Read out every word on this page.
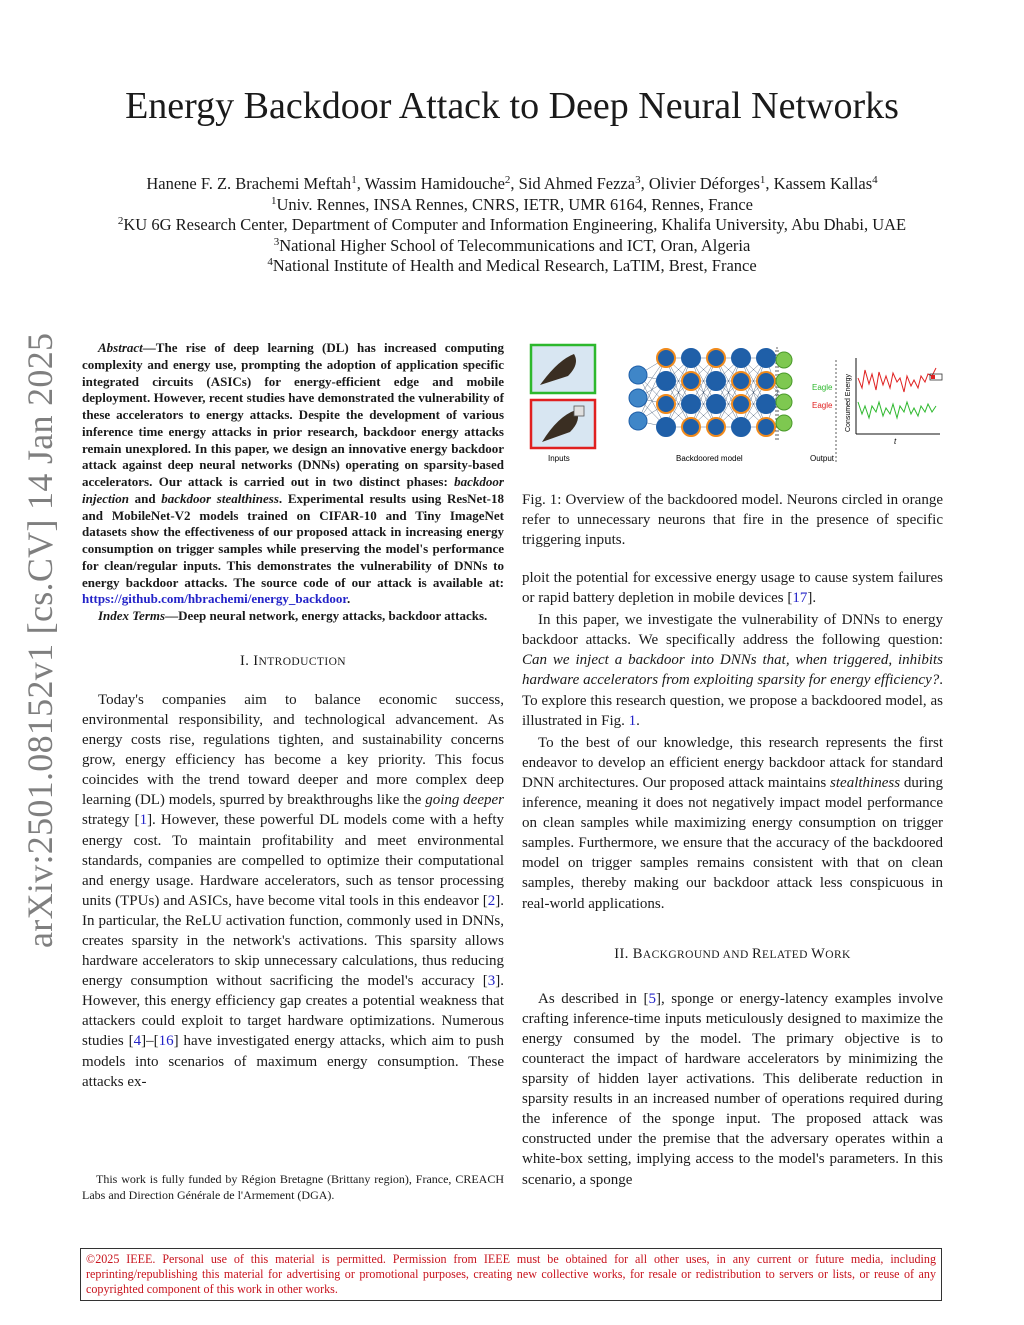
arXiv:2501.08152v1 [cs.CV] 14 Jan 2025
Energy Backdoor Attack to Deep Neural Networks
Hanene F. Z. Brachemi Meftah$^1$, Wassim Hamidouche$^2$, Sid Ahmed Fezza$^3$, Olivier Déforges$^1$, Kassem Kallas$^4$
$^1$Univ. Rennes, INSA Rennes, CNRS, IETR, UMR 6164, Rennes, France
$^2$KU 6G Research Center, Department of Computer and Information Engineering, Khalifa University, Abu Dhabi, UAE
$^3$National Higher School of Telecommunications and ICT, Oran, Algeria
$^4$National Institute of Health and Medical Research, LaTIM, Brest, France

Abstract—The rise of deep learning (DL) has increased computing complexity and energy use, prompting the adoption of application specific integrated circuits (ASICs) for energy-efficient edge and mobile deployment. However, recent studies have demonstrated the vulnerability of these accelerators to energy attacks. Despite the development of various inference time energy attacks in prior research, backdoor energy attacks remain unexplored. In this paper, we design an innovative energy backdoor attack against deep neural networks (DNNs) operating on sparsity-based accelerators. Our attack is carried out in two distinct phases: backdoor injection and backdoor stealthiness. Experimental results using ResNet-18 and MobileNet-V2 models trained on CIFAR-10 and Tiny ImageNet datasets show the effectiveness of our proposed attack in increasing energy consumption on trigger samples while preserving the model's performance for clean/regular inputs. This demonstrates the vulnerability of DNNs to energy backdoor attacks. The source code of our attack is available at: https://github.com/hbrachemi/energy_backdoor.

Index Terms—Deep neural network, energy attacks, backdoor attacks.

I. INTRODUCTION

Today's companies aim to balance economic success, environmental responsibility, and technological advancement. As energy costs rise, regulations tighten, and sustainability concerns grow, energy efficiency has become a key priority. This focus coincides with the trend toward deeper and more complex deep learning (DL) models, spurred by breakthroughs like the going deeper strategy [1]. However, these powerful DL models come with a hefty energy cost. To maintain profitability and meet environmental standards, companies are compelled to optimize their computational and energy usage. Hardware accelerators, such as tensor processing units (TPUs) and ASICs, have become vital tools in this endeavor [2]. In particular, the ReLU activation function, commonly used in DNNs, creates sparsity in the network's activations. This sparsity allows hardware accelerators to skip unnecessary calculations, thus reducing energy consumption without sacrificing the model's accuracy [3]. However, this energy efficiency gap creates a potential weakness that attackers could exploit to target hardware optimizations. Numerous studies [4]–[16] have investigated energy attacks, which aim to push models into scenarios of maximum energy consumption. These attacks ex-

This work is fully funded by Région Bretagne (Brittany region), France, CREACH Labs and Direction Générale de l'Armement (DGA).
Inputs	Backdoored model	Output
Eagle
Eagle Consumed Energy
t
Fig. 1: Overview of the backdoored model. Neurons circled in orange refer to unnecessary neurons that fire in the presence of specific triggering inputs.

ploit the potential for excessive energy usage to cause system failures or rapid battery depletion in mobile devices [17].

In this paper, we investigate the vulnerability of DNNs to energy backdoor attacks. We specifically address the following question: Can we inject a backdoor into DNNs that, when triggered, inhibits hardware accelerators from exploiting sparsity for energy efficiency?. To explore this research question, we propose a backdoored model, as illustrated in Fig. 1.

To the best of our knowledge, this research represents the first endeavor to develop an efficient energy backdoor attack for standard DNN architectures. Our proposed attack maintains stealthiness during inference, meaning it does not negatively impact model performance on clean samples while maximizing energy consumption on trigger samples. Furthermore, we ensure that the accuracy of the backdoored model on trigger samples remains consistent with that on clean samples, thereby making our backdoor attack less conspicuous in real-world applications.

II. BACKGROUND AND RELATED WORK

As described in [5], sponge or energy-latency examples involve crafting inference-time inputs meticulously designed to maximize the energy consumed by the model. The primary objective is to counteract the impact of hardware accelerators by minimizing the sparsity of hidden layer activations. This deliberate reduction in sparsity results in an increased number of operations required during the inference of the sponge input. The proposed attack was constructed under the premise that the adversary operates within a white-box setting, implying access to the model's parameters. In this scenario, a sponge

©2025 IEEE. Personal use of this material is permitted. Permission from IEEE must be obtained for all other uses, in any current or future media, including reprinting/republishing this material for advertising or promotional purposes, creating new collective works, for resale or redistribution to servers or lists, or reuse of any copyrighted component of this work in other works.
